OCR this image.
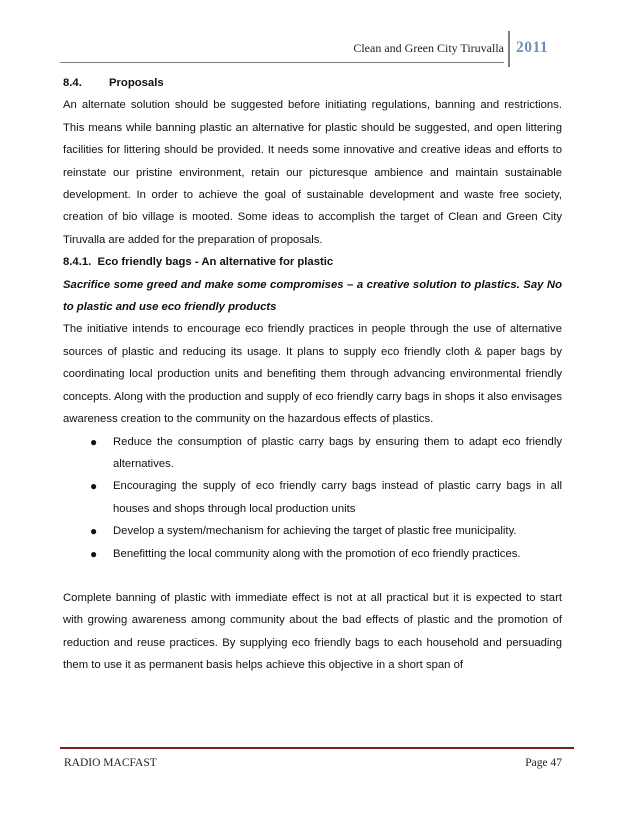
Clean and Green City Tiruvalla 2011

8.4. Proposals

An alternate solution should be suggested before initiating regulations, banning and restrictions. This means while banning plastic an alternative for plastic should be suggested, and open littering facilities for littering should be provided. It needs some innovative and creative ideas and efforts to reinstate our pristine environment, retain our picturesque ambience and maintain sustainable development. In order to achieve the goal of sustainable development and waste free society, creation of bio village is mooted. Some ideas to accomplish the target of Clean and Green City Tiruvalla are added for the preparation of proposals.

8.4.1. Eco friendly bags - An alternative for plastic

Sacrifice some greed and make some compromises – a creative solution to plastics. Say No to plastic and use eco friendly products

The initiative intends to encourage eco friendly practices in people through the use of alternative sources of plastic and reducing its usage. It plans to supply eco friendly cloth & paper bags by coordinating local production units and benefiting them through advancing environmental friendly concepts. Along with the production and supply of eco friendly carry bags in shops it also envisages awareness creation to the community on the hazardous effects of plastics.

● Reduce the consumption of plastic carry bags by ensuring them to adapt eco friendly alternatives.
● Encouraging the supply of eco friendly carry bags instead of plastic carry bags in all houses and shops through local production units
● Develop a system/mechanism for achieving the target of plastic free municipality.
● Benefitting the local community along with the promotion of eco friendly practices.

Complete banning of plastic with immediate effect is not at all practical but it is expected to start with growing awareness among community about the bad effects of plastic and the promotion of reduction and reuse practices. By supplying eco friendly bags to each household and persuading them to use it as permanent basis helps achieve this objective in a short span of

RADIO MACFAST	Page 47
